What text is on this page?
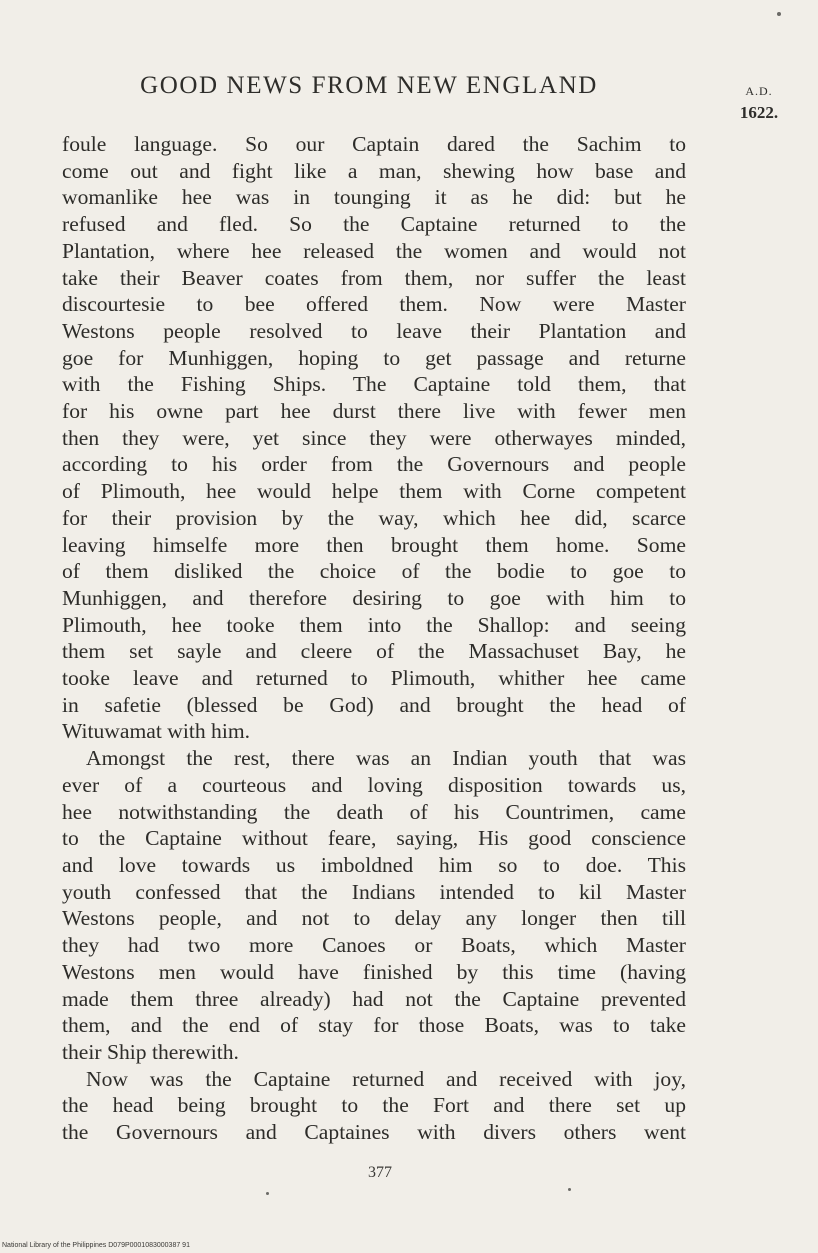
GOOD NEWS FROM NEW ENGLAND	A.D.
1622.
foule language. So our Captain dared the Sachim to
come out and fight like a man, shewing how base and
womanlike hee was in tounging it as he did: but he
refused and fled. So the Captaine returned to the
Plantation, where hee released the women and would not
take their Beaver coates from them, nor suffer the least
discourtesie to bee offered them. Now were Master
Westons people resolved to leave their Plantation and
goe for Munhiggen, hoping to get passage and returne
with the Fishing Ships. The Captaine told them, that
for his owne part hee durst there live with fewer men
then they were, yet since they were otherwayes minded,
according to his order from the Governours and people
of Plimouth, hee would helpe them with Corne competent
for their provision by the way, which hee did, scarce
leaving himselfe more then brought them home. Some
of them disliked the choice of the bodie to goe to
Munhiggen, and therefore desiring to goe with him to
Plimouth, hee tooke them into the Shallop: and seeing
them set sayle and cleere of the Massachuset Bay, he
tooke leave and returned to Plimouth, whither hee came
in safetie (blessed be God) and brought the head of
Wituwamat with him.
Amongst the rest, there was an Indian youth that was
ever of a courteous and loving disposition towards us,
hee notwithstanding the death of his Countrimen, came
to the Captaine without feare, saying, His good conscience
and love towards us imboldned him so to doe. This
youth confessed that the Indians intended to kil Master
Westons people, and not to delay any longer then till
they had two more Canoes or Boats, which Master
Westons men would have finished by this time (having
made them three already) had not the Captaine prevented
them, and the end of stay for those Boats, was to take
their Ship therewith.
Now was the Captaine returned and received with joy,
the head being brought to the Fort and there set up
the Governours and Captaines with divers others went
377
National Library of the Philippines D079P0001083000387 91
